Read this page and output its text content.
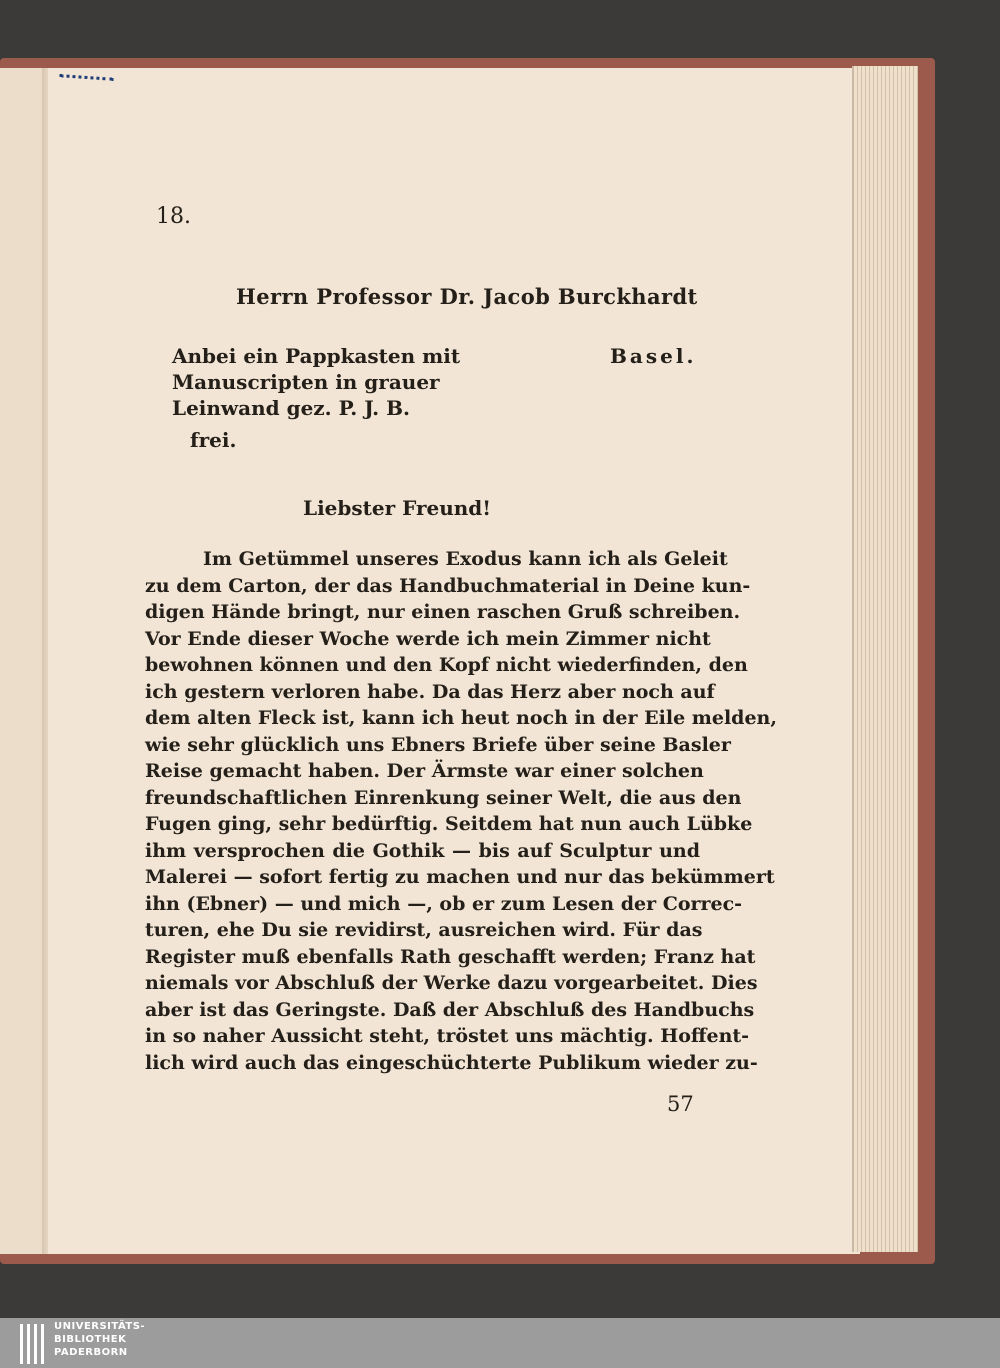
18.
Herrn Professor Dr. Jacob Burckhardt
Anbei ein Pappkasten mit
Manuscripten in grauer
Leinwand gez. P. J. B.
Basel.
frei.
Liebster Freund!
Im Getümmel unseres Exodus kann ich als Geleit
zu dem Carton, der das Handbuchmaterial in Deine kun-
digen Hände bringt, nur einen raschen Gruß schreiben.
Vor Ende dieser Woche werde ich mein Zimmer nicht
bewohnen können und den Kopf nicht wiederfinden, den
ich gestern verloren habe. Da das Herz aber noch auf
dem alten Fleck ist, kann ich heut noch in der Eile melden,
wie sehr glücklich uns Ebners Briefe über seine Basler
Reise gemacht haben. Der Ärmste war einer solchen
freundschaftlichen Einrenkung seiner Welt, die aus den
Fugen ging, sehr bedürftig. Seitdem hat nun auch Lübke
ihm versprochen die Gothik — bis auf Sculptur und
Malerei — sofort fertig zu machen und nur das bekümmert
ihn (Ebner) — und mich —, ob er zum Lesen der Correc-
turen, ehe Du sie revidirst, ausreichen wird. Für das
Register muß ebenfalls Rath geschafft werden; Franz hat
niemals vor Abschluß der Werke dazu vorgearbeitet. Dies
aber ist das Geringste. Daß der Abschluß des Handbuchs
in so naher Aussicht steht, tröstet uns mächtig. Hoffent-
lich wird auch das eingeschüchterte Publikum wieder zu-
57
UNIVERSITÄTS-
BIBLIOTHEK
PADERBORN
